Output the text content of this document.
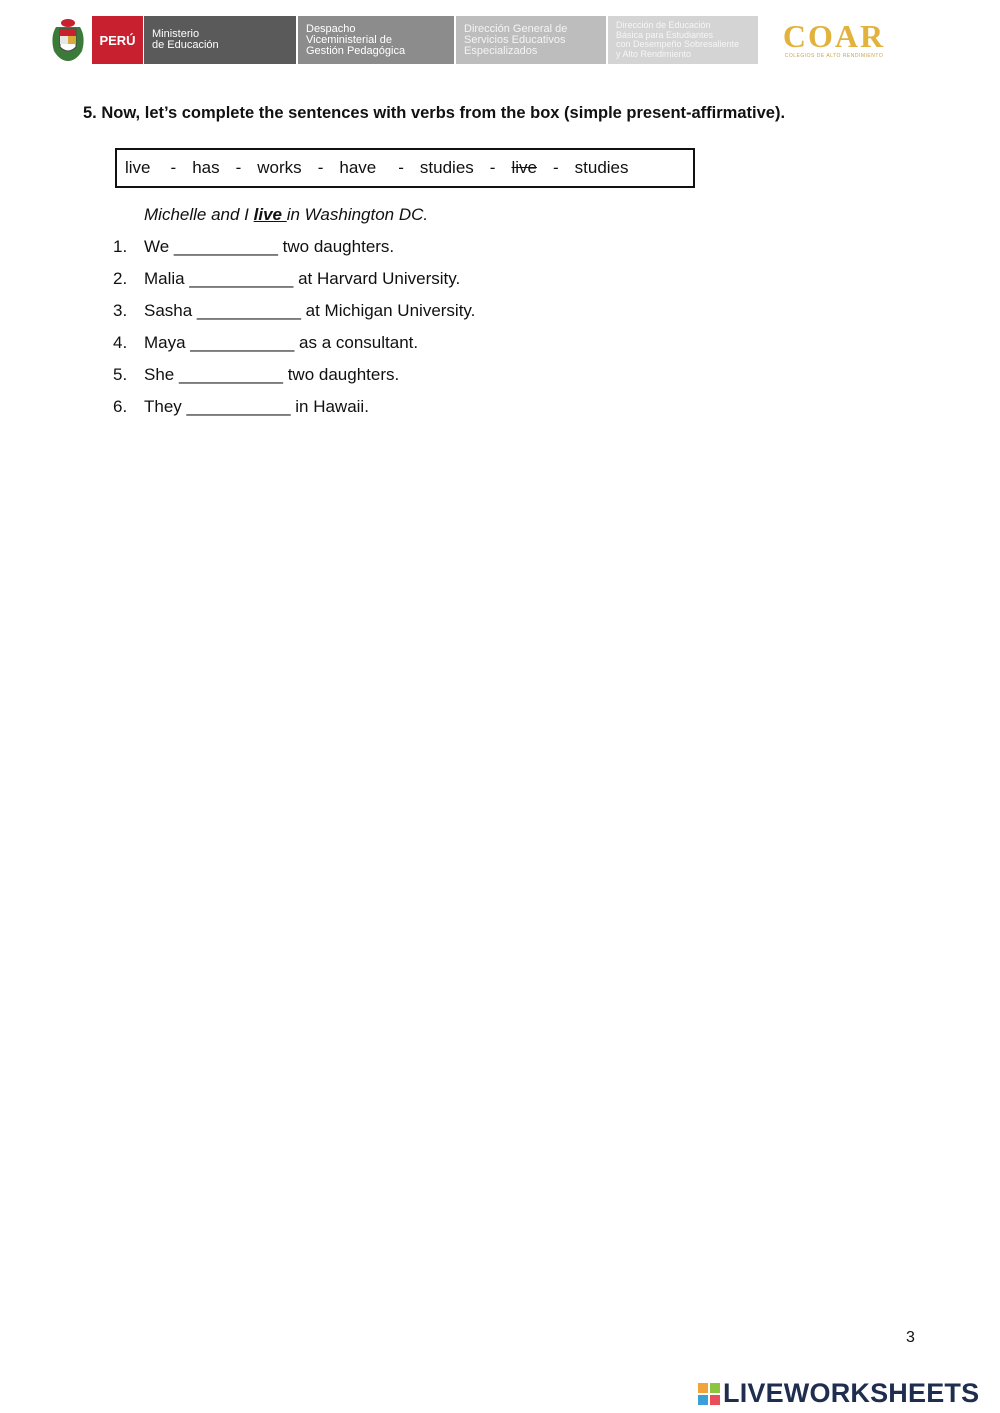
PERÚ Ministerio
de Educación
Despacho
Viceministerial de
Gestión Pedagógica
Dirección General de
Servicios Educativos
Especializados
Dirección de Educación
Básica para Estudiantes
con Desempeño Sobresaliente
y Alto Rendimiento	COAR
COLEGIOS DE ALTO RENDIMIENTO
5. Now, let’s complete the sentences with verbs from the box (simple present-affirmative).
live - has - works - have - studies - live - studies
Michelle and I live in Washington DC.
1. We ___________ two daughters.
2. Malia ___________ at Harvard University.
3. Sasha ___________ at Michigan University.
4. Maya ___________ as a consultant.
5. She ___________ two daughters.
6. They ___________ in Hawaii.
3
LIVEWORKSHEETS
